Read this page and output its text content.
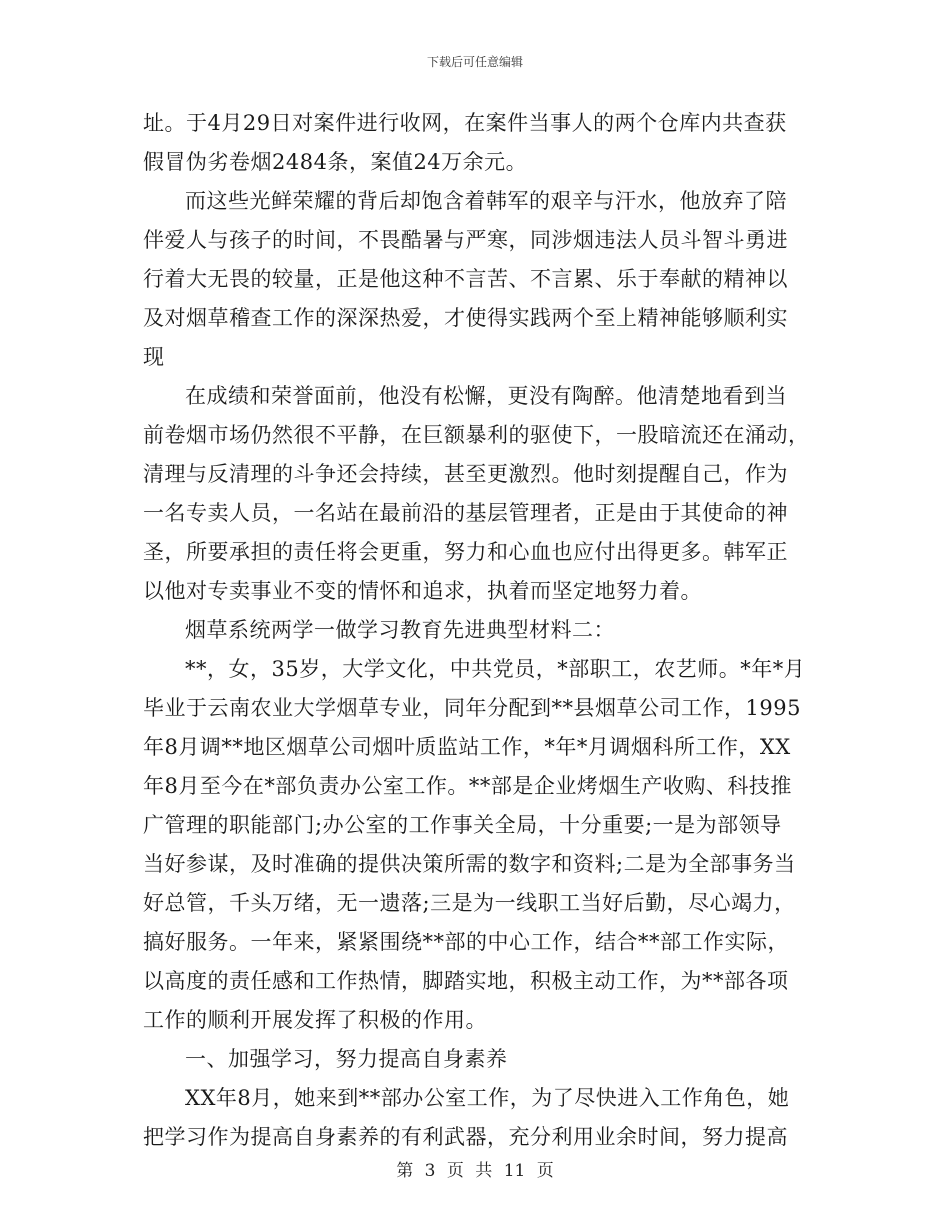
下载后可任意编辑
址。于4月29日对案件进行收网，在案件当事人的两个仓库内共查获
假冒伪劣卷烟2484条，案值24万余元。
而这些光鲜荣耀的背后却饱含着韩军的艰辛与汗水，他放弃了陪
伴爱人与孩子的时间，不畏酷暑与严寒，同涉烟违法人员斗智斗勇进
行着大无畏的较量，正是他这种不言苦、不言累、乐于奉献的精神以
及对烟草稽查工作的深深热爱，才使得实践两个至上精神能够顺利实
现
在成绩和荣誉面前，他没有松懈，更没有陶醉。他清楚地看到当
前卷烟市场仍然很不平静，在巨额暴利的驱使下，一股暗流还在涌动，
清理与反清理的斗争还会持续，甚至更激烈。他时刻提醒自己，作为
一名专卖人员，一名站在最前沿的基层管理者，正是由于其使命的神
圣，所要承担的责任将会更重，努力和心血也应付出得更多。韩军正
以他对专卖事业不变的情怀和追求，执着而坚定地努力着。
烟草系统两学一做学习教育先进典型材料二：
**，女，35岁，大学文化，中共党员，*部职工，农艺师。*年*月
毕业于云南农业大学烟草专业，同年分配到**县烟草公司工作，1995
年8月调**地区烟草公司烟叶质监站工作，*年*月调烟科所工作，XX
年8月至今在*部负责办公室工作。**部是企业烤烟生产收购、科技推
广管理的职能部门;办公室的工作事关全局，十分重要;一是为部领导
当好参谋，及时准确的提供决策所需的数字和资料;二是为全部事务当
好总管，千头万绪，无一遗落;三是为一线职工当好后勤，尽心竭力，
搞好服务。一年来，紧紧围绕**部的中心工作，结合**部工作实际，
以高度的责任感和工作热情，脚踏实地，积极主动工作，为**部各项
工作的顺利开展发挥了积极的作用。
一、加强学习，努力提高自身素养
XX年8月，她来到**部办公室工作，为了尽快进入工作角色，她
把学习作为提高自身素养的有利武器，充分利用业余时间，努力提高
第 3 页 共 11 页
